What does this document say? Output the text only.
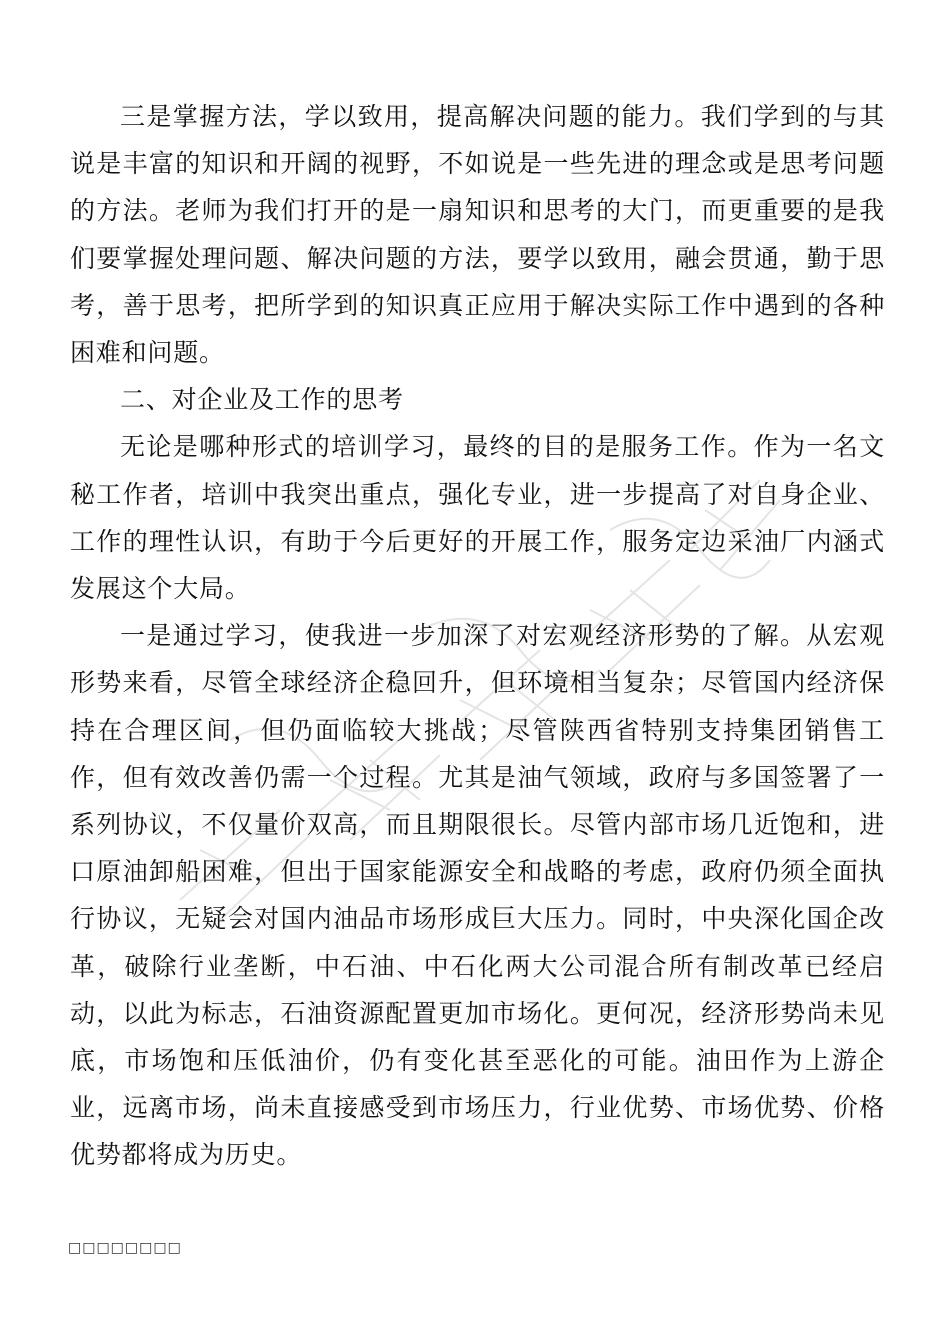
三是掌握方法，学以致用，提高解决问题的能力。我们学到的与其说是丰富的知识和开阔的视野，不如说是一些先进的理念或是思考问题的方法。老师为我们打开的是一扇知识和思考的大门，而更重要的是我们要掌握处理问题、解决问题的方法，要学以致用，融会贯通，勤于思考，善于思考，把所学到的知识真正应用于解决实际工作中遇到的各种困难和问题。

二、对企业及工作的思考

无论是哪种形式的培训学习，最终的目的是服务工作。作为一名文秘工作者，培训中我突出重点，强化专业，进一步提高了对自身企业、工作的理性认识，有助于今后更好的开展工作，服务定边采油厂内涵式发展这个大局。

一是通过学习，使我进一步加深了对宏观经济形势的了解。从宏观形势来看，尽管全球经济企稳回升，但环境相当复杂；尽管国内经济保持在合理区间，但仍面临较大挑战；尽管陕西省特别支持集团销售工作，但有效改善仍需一个过程。尤其是油气领域，政府与多国签署了一系列协议，不仅量价双高，而且期限很长。尽管内部市场几近饱和，进口原油卸船困难，但出于国家能源安全和战略的考虑，政府仍须全面执行协议，无疑会对国内油品市场形成巨大压力。同时，中央深化国企改革，破除行业垄断，中石油、中石化两大公司混合所有制改革已经启动，以此为标志，石油资源配置更加市场化。更何况，经济形势尚未见底，市场饱和压低油价，仍有变化甚至恶化的可能。油田作为上游企业，远离市场，尚未直接感受到市场压力，行业优势、市场优势、价格优势都将成为历史。

□□□□□□□□
